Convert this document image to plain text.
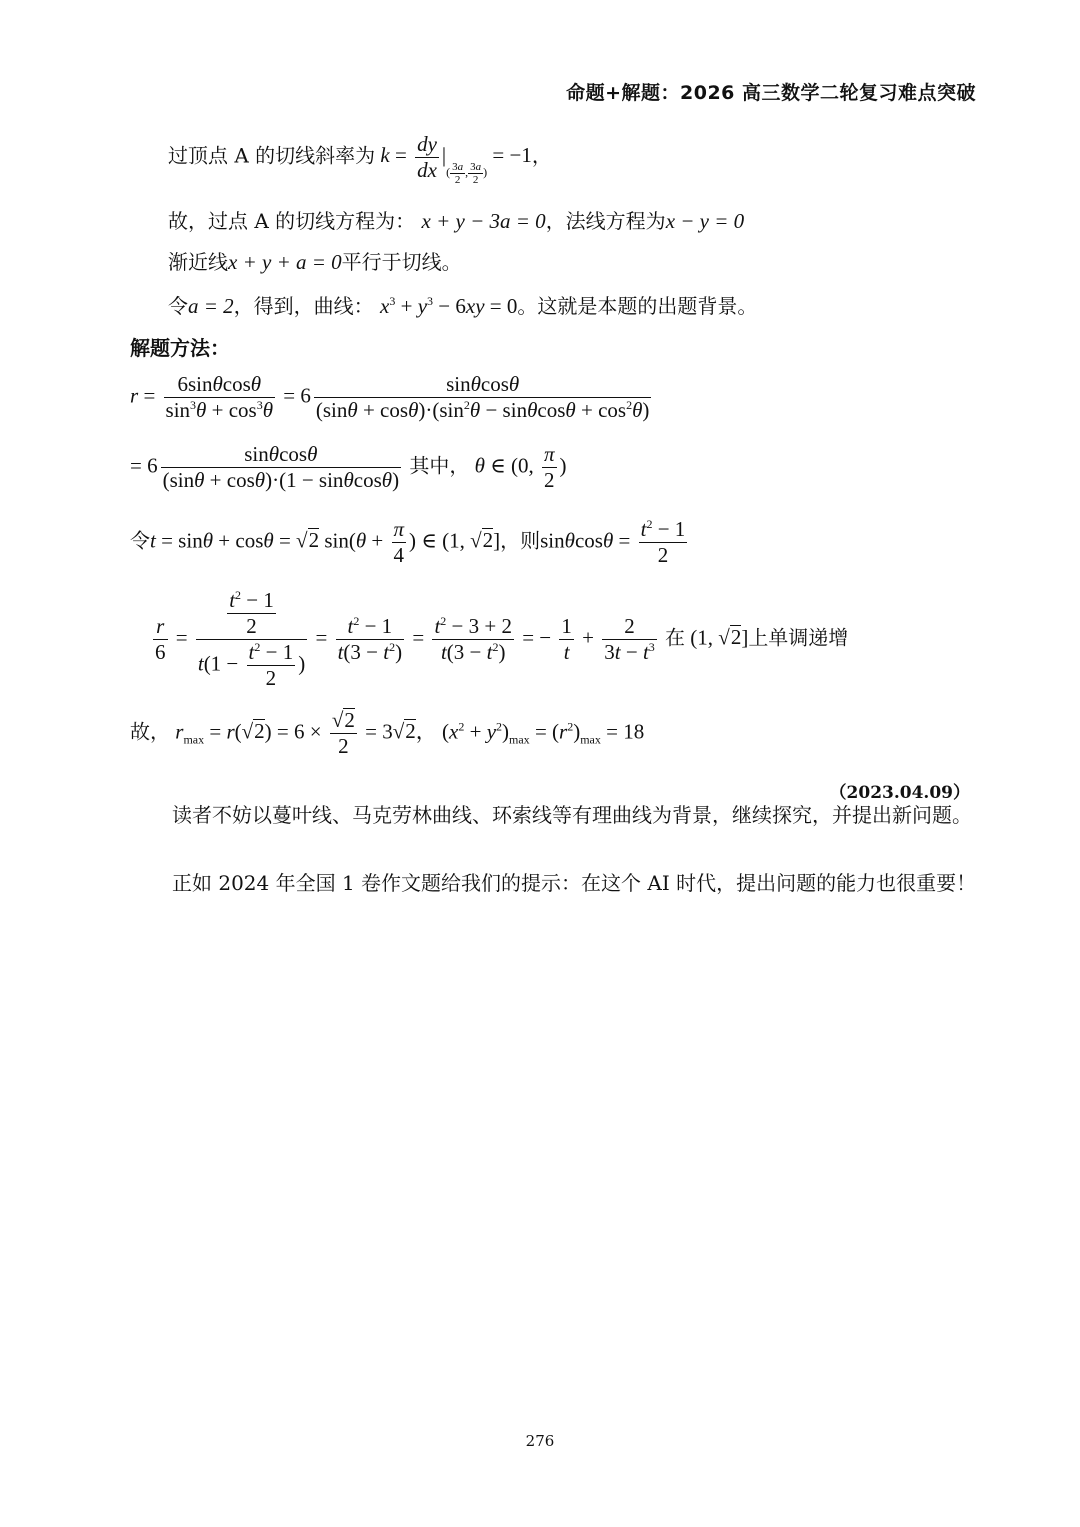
命题+解题：2026 高三数学二轮复习难点突破
过顶点 A 的切线斜率为 $k = \frac{dy}{dx} |_{( \frac{3a}{2} , \frac{3a}{2} )} = -1$，
故，过点 A 的切线方程为： x + y − 3a = 0，法线方程为x − y = 0
渐近线x + y + a = 0平行于切线。
令a = 2，得到，曲线： $x^3 + y^3 - 6xy = 0$。这就是本题的出题背景。
解题方法：
$r = \frac{6\sin\theta\cos\theta}{\sin^3\theta + \cos^3\theta} = 6 \frac{\sin\theta\cos\theta}{(\sin\theta + \cos\theta)\cdot(\sin^2\theta - \sin\theta\cos\theta + \cos^2\theta)}$
= $6 \frac{\sin\theta\cos\theta}{(\sin\theta + \cos\theta)\cdot(1 - \sin\theta\cos\theta)}$ 其中， θ ∈ (0, $\frac{\pi}{2}$ )
令t = sinθ + cosθ = √2 $\sin(\theta + \frac{\pi}{4}$ ) ∈ (1, √2]，则$\sin\theta\cos\theta = \frac{t^2 - 1}{2}$
$\frac{r}{6} = \frac{\frac{t^2 - 1}{2}}{t(1 - \frac{t^2 - 1}{2} )} = \frac{t^2 - 1}{t(3 - t^2)} = \frac{t^2 - 3 + 2}{t(3 - t^2)}$ = − $\frac{1}{t} + \frac{2}{3t - t^3}$ 在 (1, √2]上单调递增
故， $r_{max} = r(√2) = 6 \times \frac{√2}{2} = 3√2$， $(x^2 + y^2)_{max} = (r^2)_{max} = 18$
（2023.04.09）
读者不妨以蔓叶线、马克劳林曲线、环索线等有理曲线为背景，继续探究，并提出新问题。
正如 2024 年全国 1 卷作文题给我们的提示：在这个 AI 时代，提出问题的能力也很重要！
276
